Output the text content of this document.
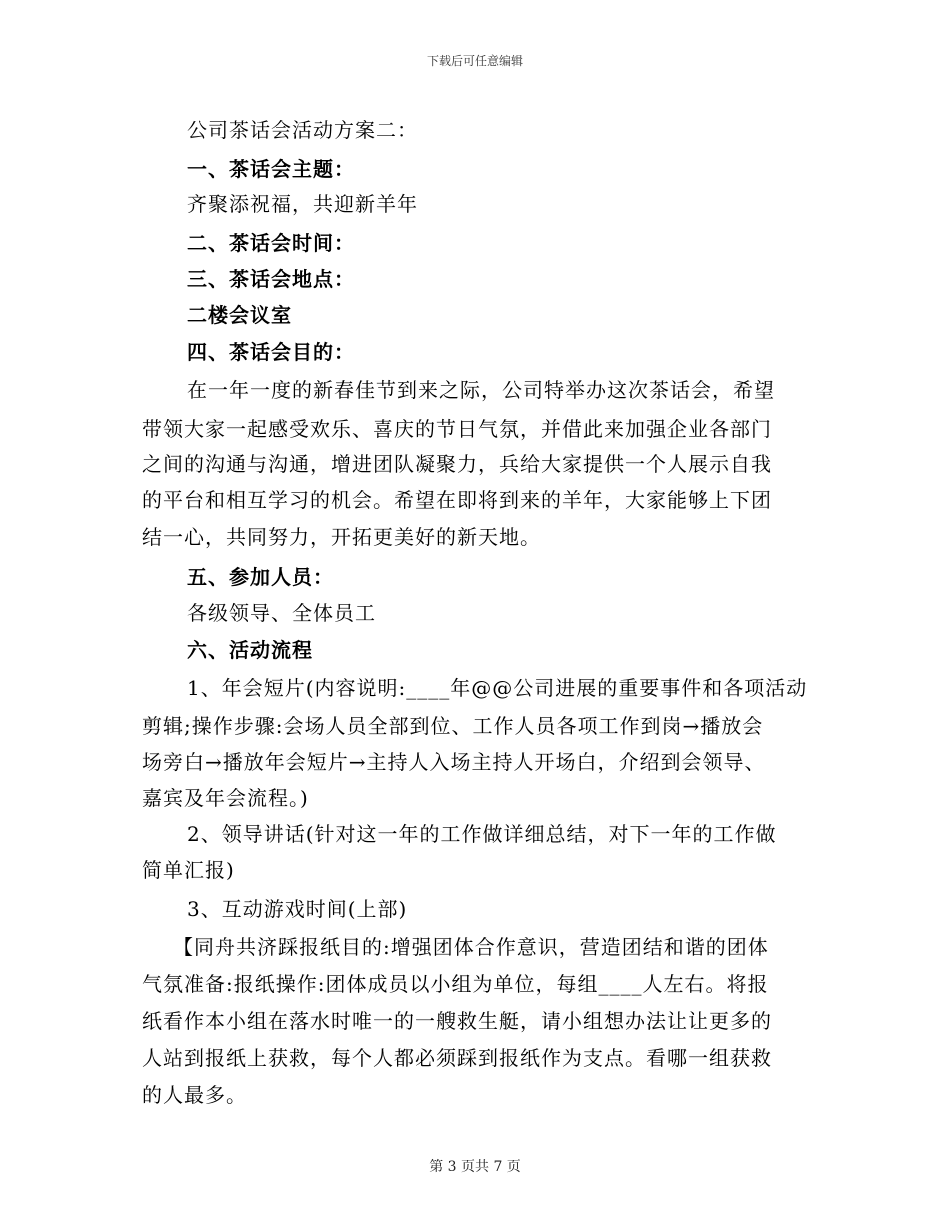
下载后可任意编辑
公司茶话会活动方案二：
一、茶话会主题：
齐聚添祝福，共迎新羊年
二、茶话会时间：
三、茶话会地点：
二楼会议室
四、茶话会目的：
在一年一度的新春佳节到来之际，公司特举办这次茶话会，希望
带领大家一起感受欢乐、喜庆的节日气氛，并借此来加强企业各部门
之间的沟通与沟通，增进团队凝聚力，兵给大家提供一个人展示自我
的平台和相互学习的机会。希望在即将到来的羊年，大家能够上下团
结一心，共同努力，开拓更美好的新天地。
五、参加人员：
各级领导、全体员工
六、活动流程
1、年会短片(内容说明:____年@@公司进展的重要事件和各项活动
剪辑;操作步骤:会场人员全部到位、工作人员各项工作到岗→播放会
场旁白→播放年会短片→主持人入场主持人开场白，介绍到会领导、
嘉宾及年会流程。)
2、领导讲话(针对这一年的工作做详细总结，对下一年的工作做
简单汇报)
3、互动游戏时间(上部)
【同舟共济踩报纸目的:增强团体合作意识，营造团结和谐的团体
气氛准备:报纸操作:团体成员以小组为单位，每组____人左右。将报
纸看作本小组在落水时唯一的一艘救生艇，请小组想办法让让更多的
人站到报纸上获救，每个人都必须踩到报纸作为支点。看哪一组获救
的人最多。
第 3 页共 7 页
